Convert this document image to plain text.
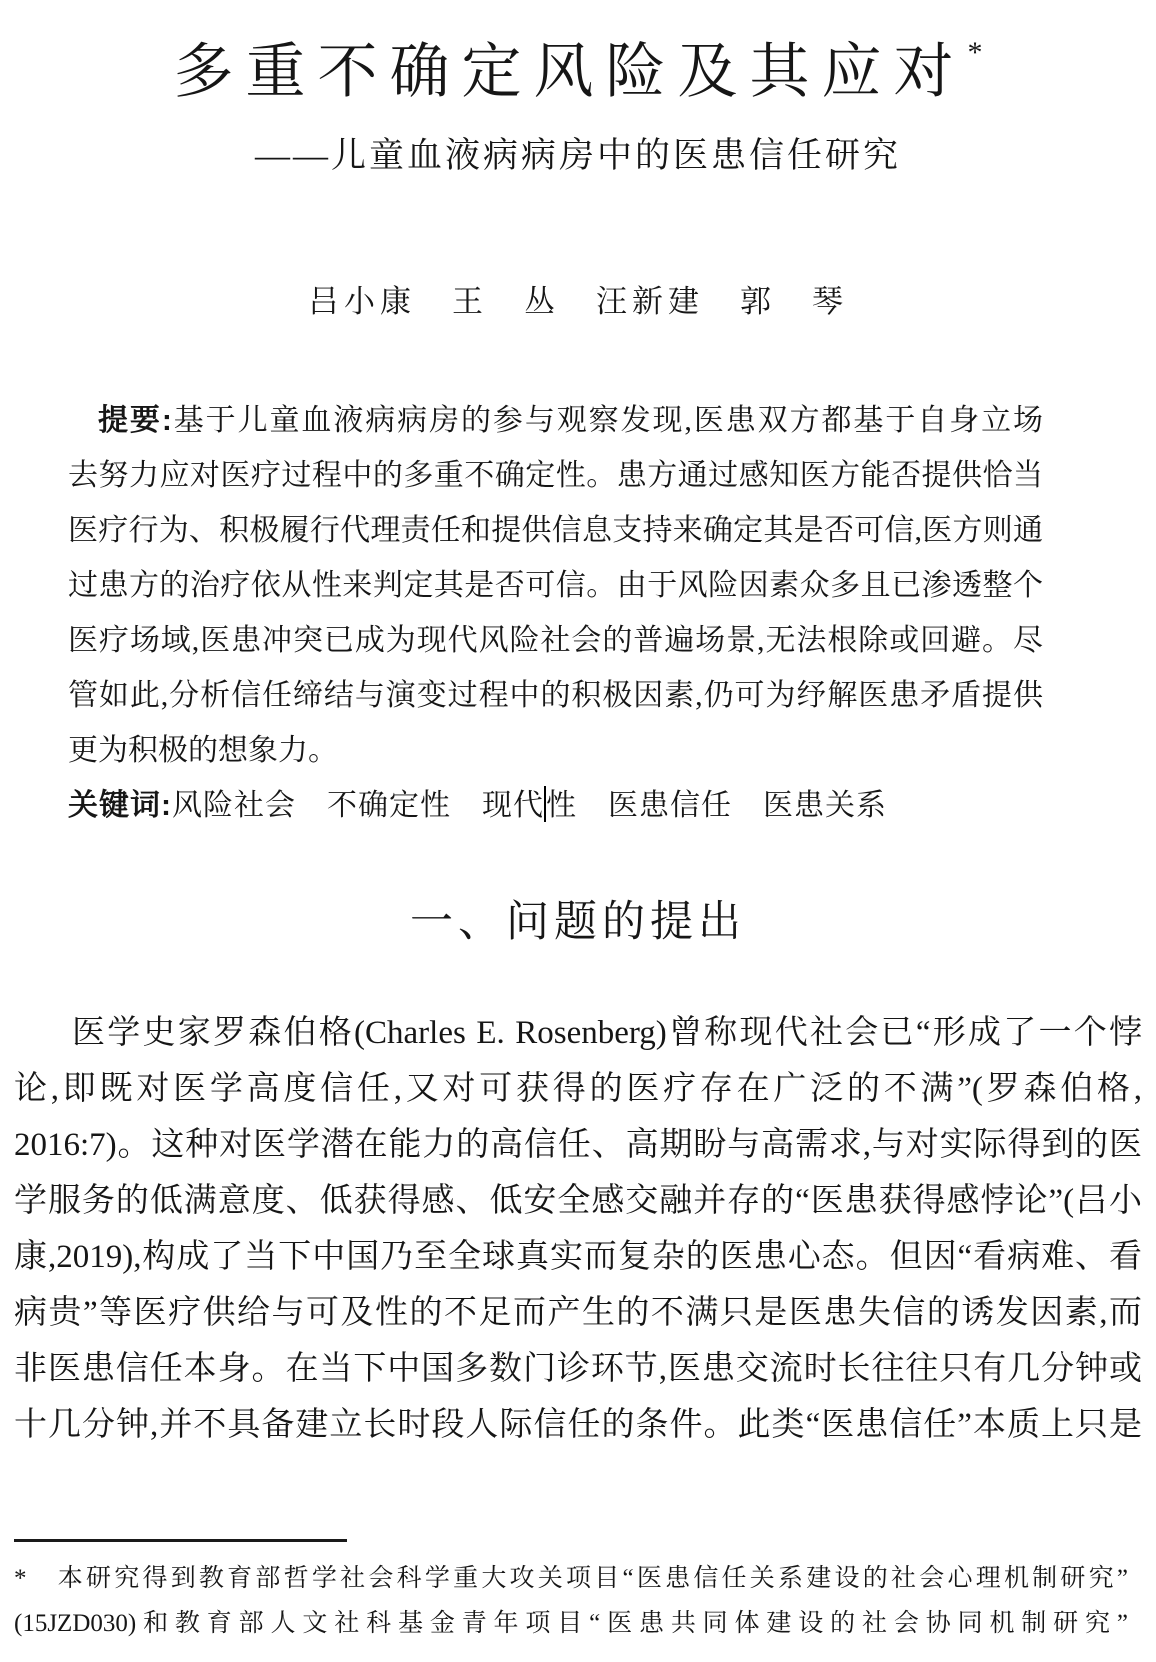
多重不确定风险及其应对*
——儿童血液病病房中的医患信任研究
吕小康　王　丛　汪新建　郭　琴
提要:基于儿童血液病病房的参与观察发现,医患双方都基于自身立场
去努力应对医疗过程中的多重不确定性。患方通过感知医方能否提供恰当
医疗行为、积极履行代理责任和提供信息支持来确定其是否可信,医方则通
过患方的治疗依从性来判定其是否可信。由于风险因素众多且已渗透整个
医疗场域,医患冲突已成为现代风险社会的普遍场景,无法根除或回避。尽
管如此,分析信任缔结与演变过程中的积极因素,仍可为纾解医患矛盾提供
更为积极的想象力。
关键词:风险社会　不确定性　现代性　医患信任　医患关系
一、问题的提出
医学史家罗森伯格(Charles E. Rosenberg)曾称现代社会已“形成了一个悖
论,即既对医学高度信任,又对可获得的医疗存在广泛的不满”(罗森伯格,
2016:7)。这种对医学潜在能力的高信任、高期盼与高需求,与对实际得到的医
学服务的低满意度、低获得感、低安全感交融并存的“医患获得感悖论”(吕小
康,2019),构成了当下中国乃至全球真实而复杂的医患心态。但因“看病难、看
病贵”等医疗供给与可及性的不足而产生的不满只是医患失信的诱发因素,而
非医患信任本身。在当下中国多数门诊环节,医患交流时长往往只有几分钟或
十几分钟,并不具备建立长时段人际信任的条件。此类“医患信任”本质上只是
* 本研究得到教育部哲学社会科学重大攻关项目“医患信任关系建设的社会心理机制研究”
(15JZD030)和教育部人文社科基金青年项目“医患共同体建设的社会协同机制研究”
